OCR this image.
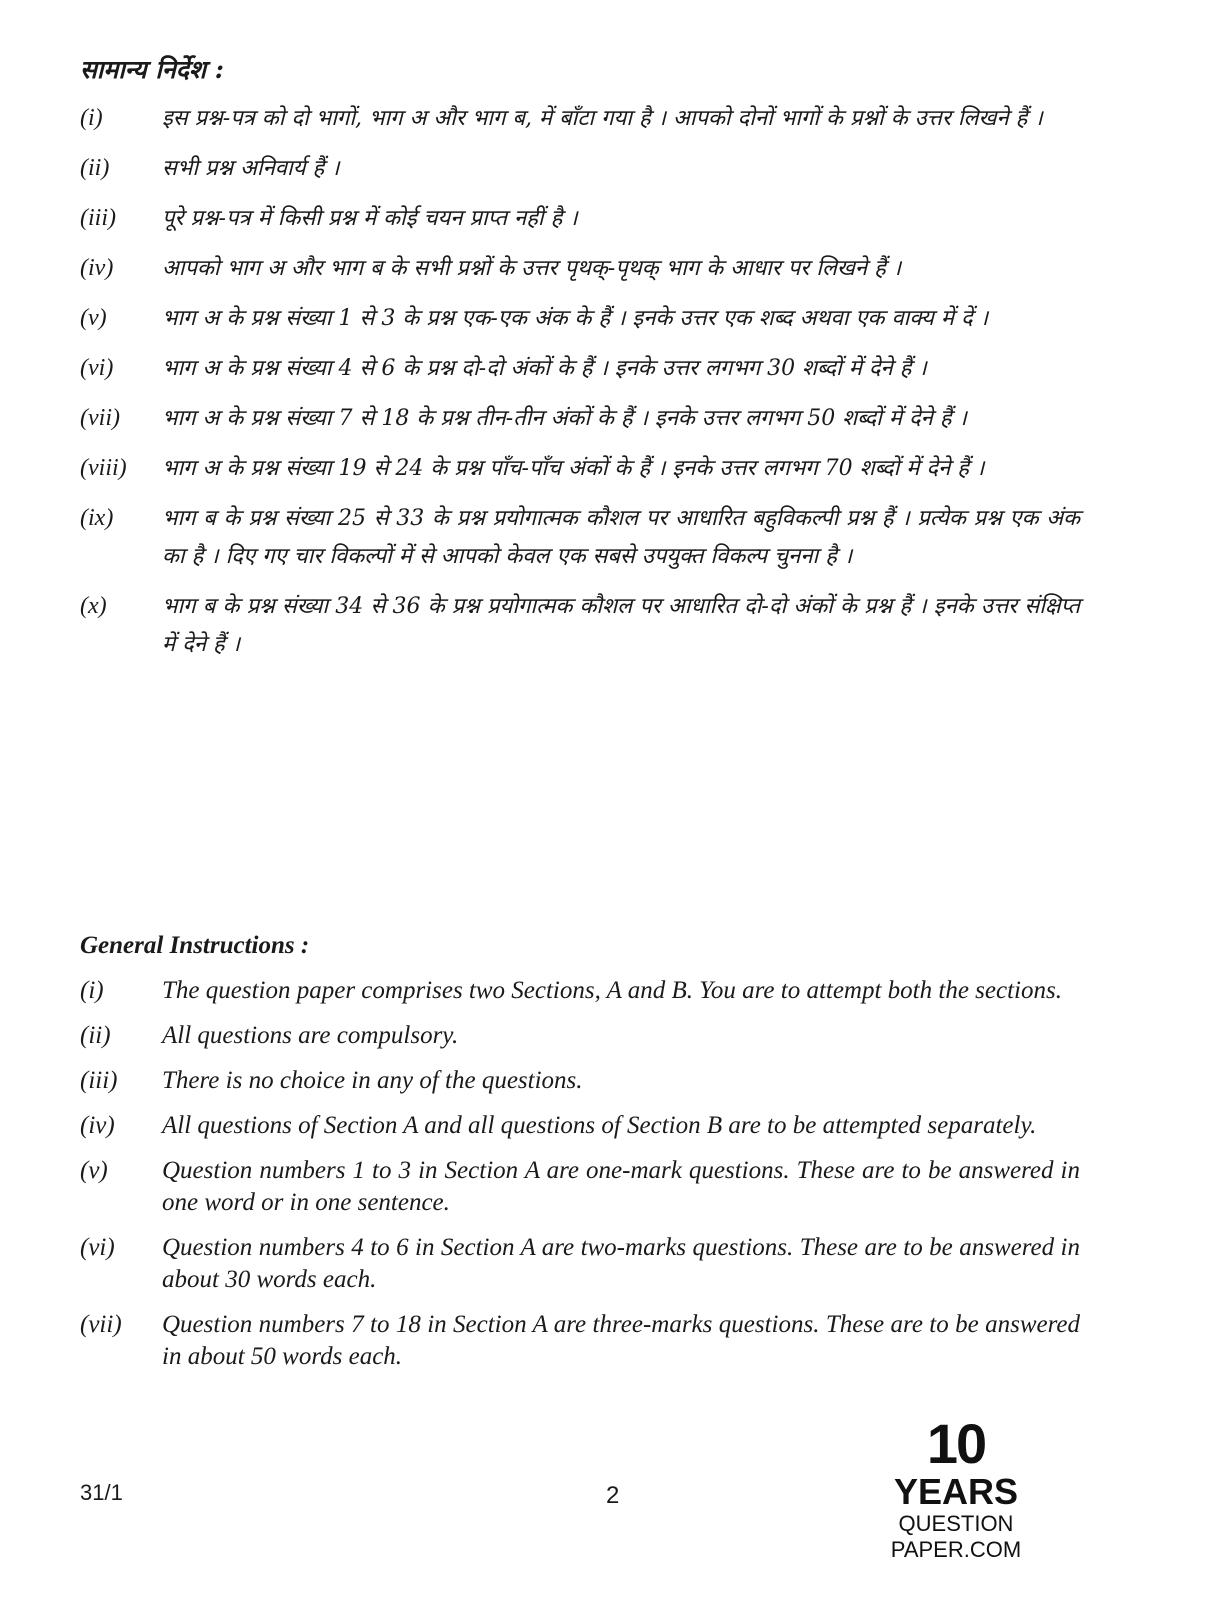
सामान्य निर्देश :
(i)	इस प्रश्न-पत्र को दो भागों, भाग अ और भाग ब, में बाँटा गया है । आपको दोनों भागों के प्रश्नों के उत्तर लिखने हैं ।
(ii)	सभी प्रश्न अनिवार्य हैं ।
(iii)	पूरे प्रश्न-पत्र में किसी प्रश्न में कोई चयन प्राप्त नहीं है ।
(iv)	आपको भाग अ और भाग ब के सभी प्रश्नों के उत्तर पृथक्-पृथक् भाग के आधार पर लिखने हैं ।
(v)	भाग अ के प्रश्न संख्या 1 से 3 के प्रश्न एक-एक अंक के हैं । इनके उत्तर एक शब्द अथवा एक वाक्य में दें ।
(vi)	भाग अ के प्रश्न संख्या 4 से 6 के प्रश्न दो-दो अंकों के हैं । इनके उत्तर लगभग 30 शब्दों में देने हैं ।
(vii)	भाग अ के प्रश्न संख्या 7 से 18 के प्रश्न तीन-तीन अंकों के हैं । इनके उत्तर लगभग 50 शब्दों में देने हैं ।
(viii)	भाग अ के प्रश्न संख्या 19 से 24 के प्रश्न पाँच-पाँच अंकों के हैं । इनके उत्तर लगभग 70 शब्दों में देने हैं ।
(ix)	भाग ब के प्रश्न संख्या 25 से 33 के प्रश्न प्रयोगात्मक कौशल पर आधारित बहुविकल्पी प्रश्न हैं । प्रत्येक प्रश्न एक अंक का है । दिए गए चार विकल्पों में से आपको केवल एक सबसे उपयुक्त विकल्प चुनना है ।
(x)	भाग ब के प्रश्न संख्या 34 से 36 के प्रश्न प्रयोगात्मक कौशल पर आधारित दो-दो अंकों के प्रश्न हैं । इनके उत्तर संक्षिप्त में देने हैं ।
General Instructions :
(i)	The question paper comprises two Sections, A and B. You are to attempt both the sections.
(ii)	All questions are compulsory.
(iii)	There is no choice in any of the questions.
(iv)	All questions of Section A and all questions of Section B are to be attempted separately.
(v)	Question numbers 1 to 3 in Section A are one-mark questions. These are to be answered in one word or in one sentence.
(vi)	Question numbers 4 to 6 in Section A are two-marks questions. These are to be answered in about 30 words each.
(vii)	Question numbers 7 to 18 in Section A are three-marks questions. These are to be answered in about 50 words each.
31/1	2
10
YEARS
QUESTION PAPER.COM
